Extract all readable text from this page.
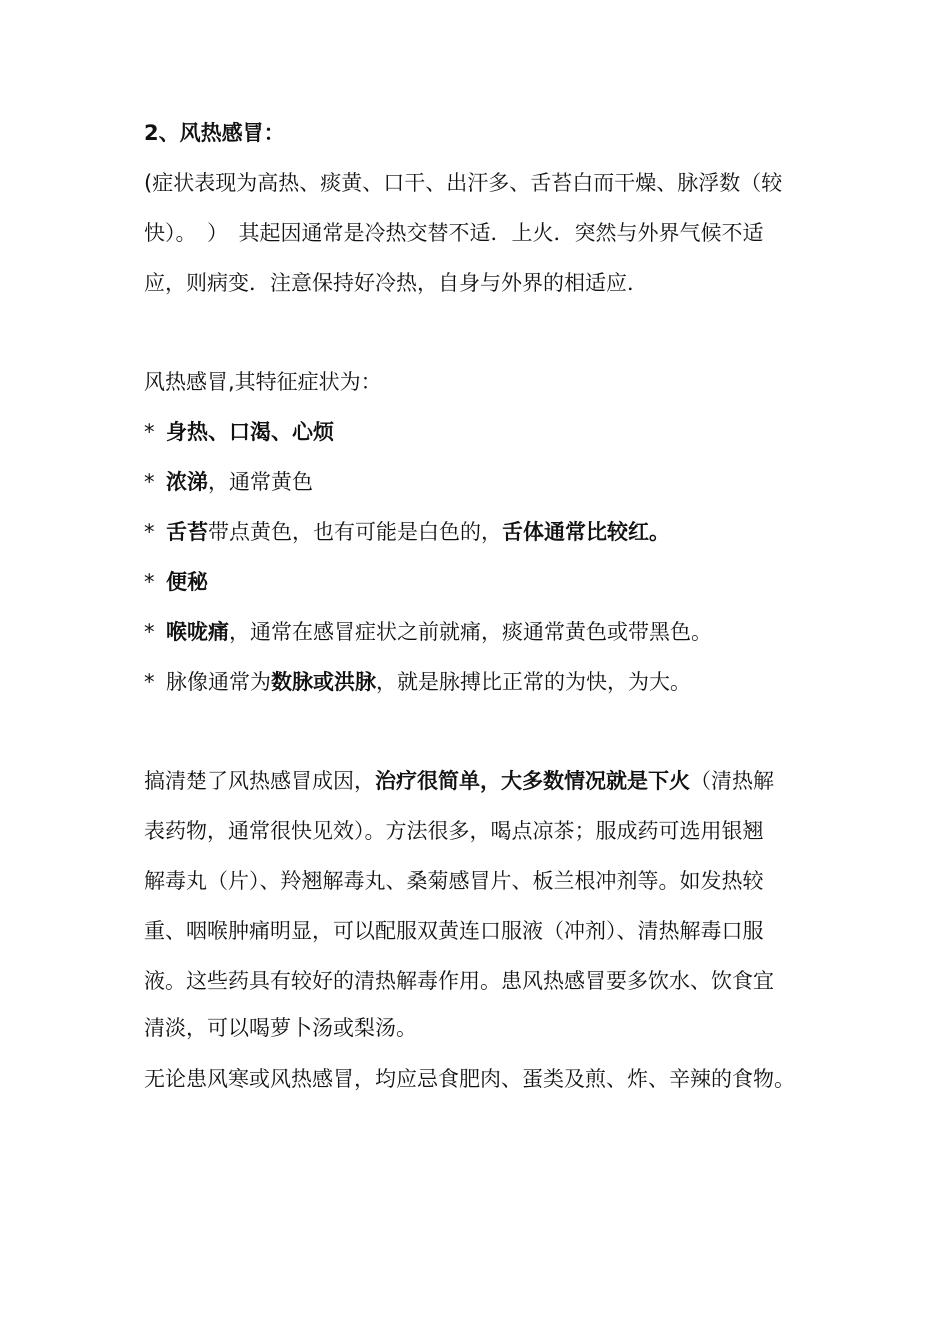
2、风热感冒：
(症状表现为高热、痰黄、口干、出汗多、舌苔白而干燥、脉浮数（较
快）。　）　其起因通常是冷热交替不适．上火．突然与外界气候不适
应，则病变．注意保持好冷热，自身与外界的相适应．
风热感冒,其特征症状为：
* 身热、口渴、心烦
* 浓涕，通常黄色
* 舌苔带点黄色，也有可能是白色的，舌体通常比较红。
* 便秘
* 喉咙痛，通常在感冒症状之前就痛，痰通常黄色或带黑色。
* 脉像通常为数脉或洪脉，就是脉搏比正常的为快，为大。
搞清楚了风热感冒成因，治疗很简单，大多数情况就是下火（清热解
表药物，通常很快见效）。方法很多，喝点凉茶；服成药可选用银翘
解毒丸（片）、羚翘解毒丸、桑菊感冒片、板兰根冲剂等。如发热较
重、咽喉肿痛明显，可以配服双黄连口服液（冲剂）、清热解毒口服
液。这些药具有较好的清热解毒作用。患风热感冒要多饮水、饮食宜
清淡，可以喝萝卜汤或梨汤。
无论患风寒或风热感冒，均应忌食肥肉、蛋类及煎、炸、辛辣的食物。
